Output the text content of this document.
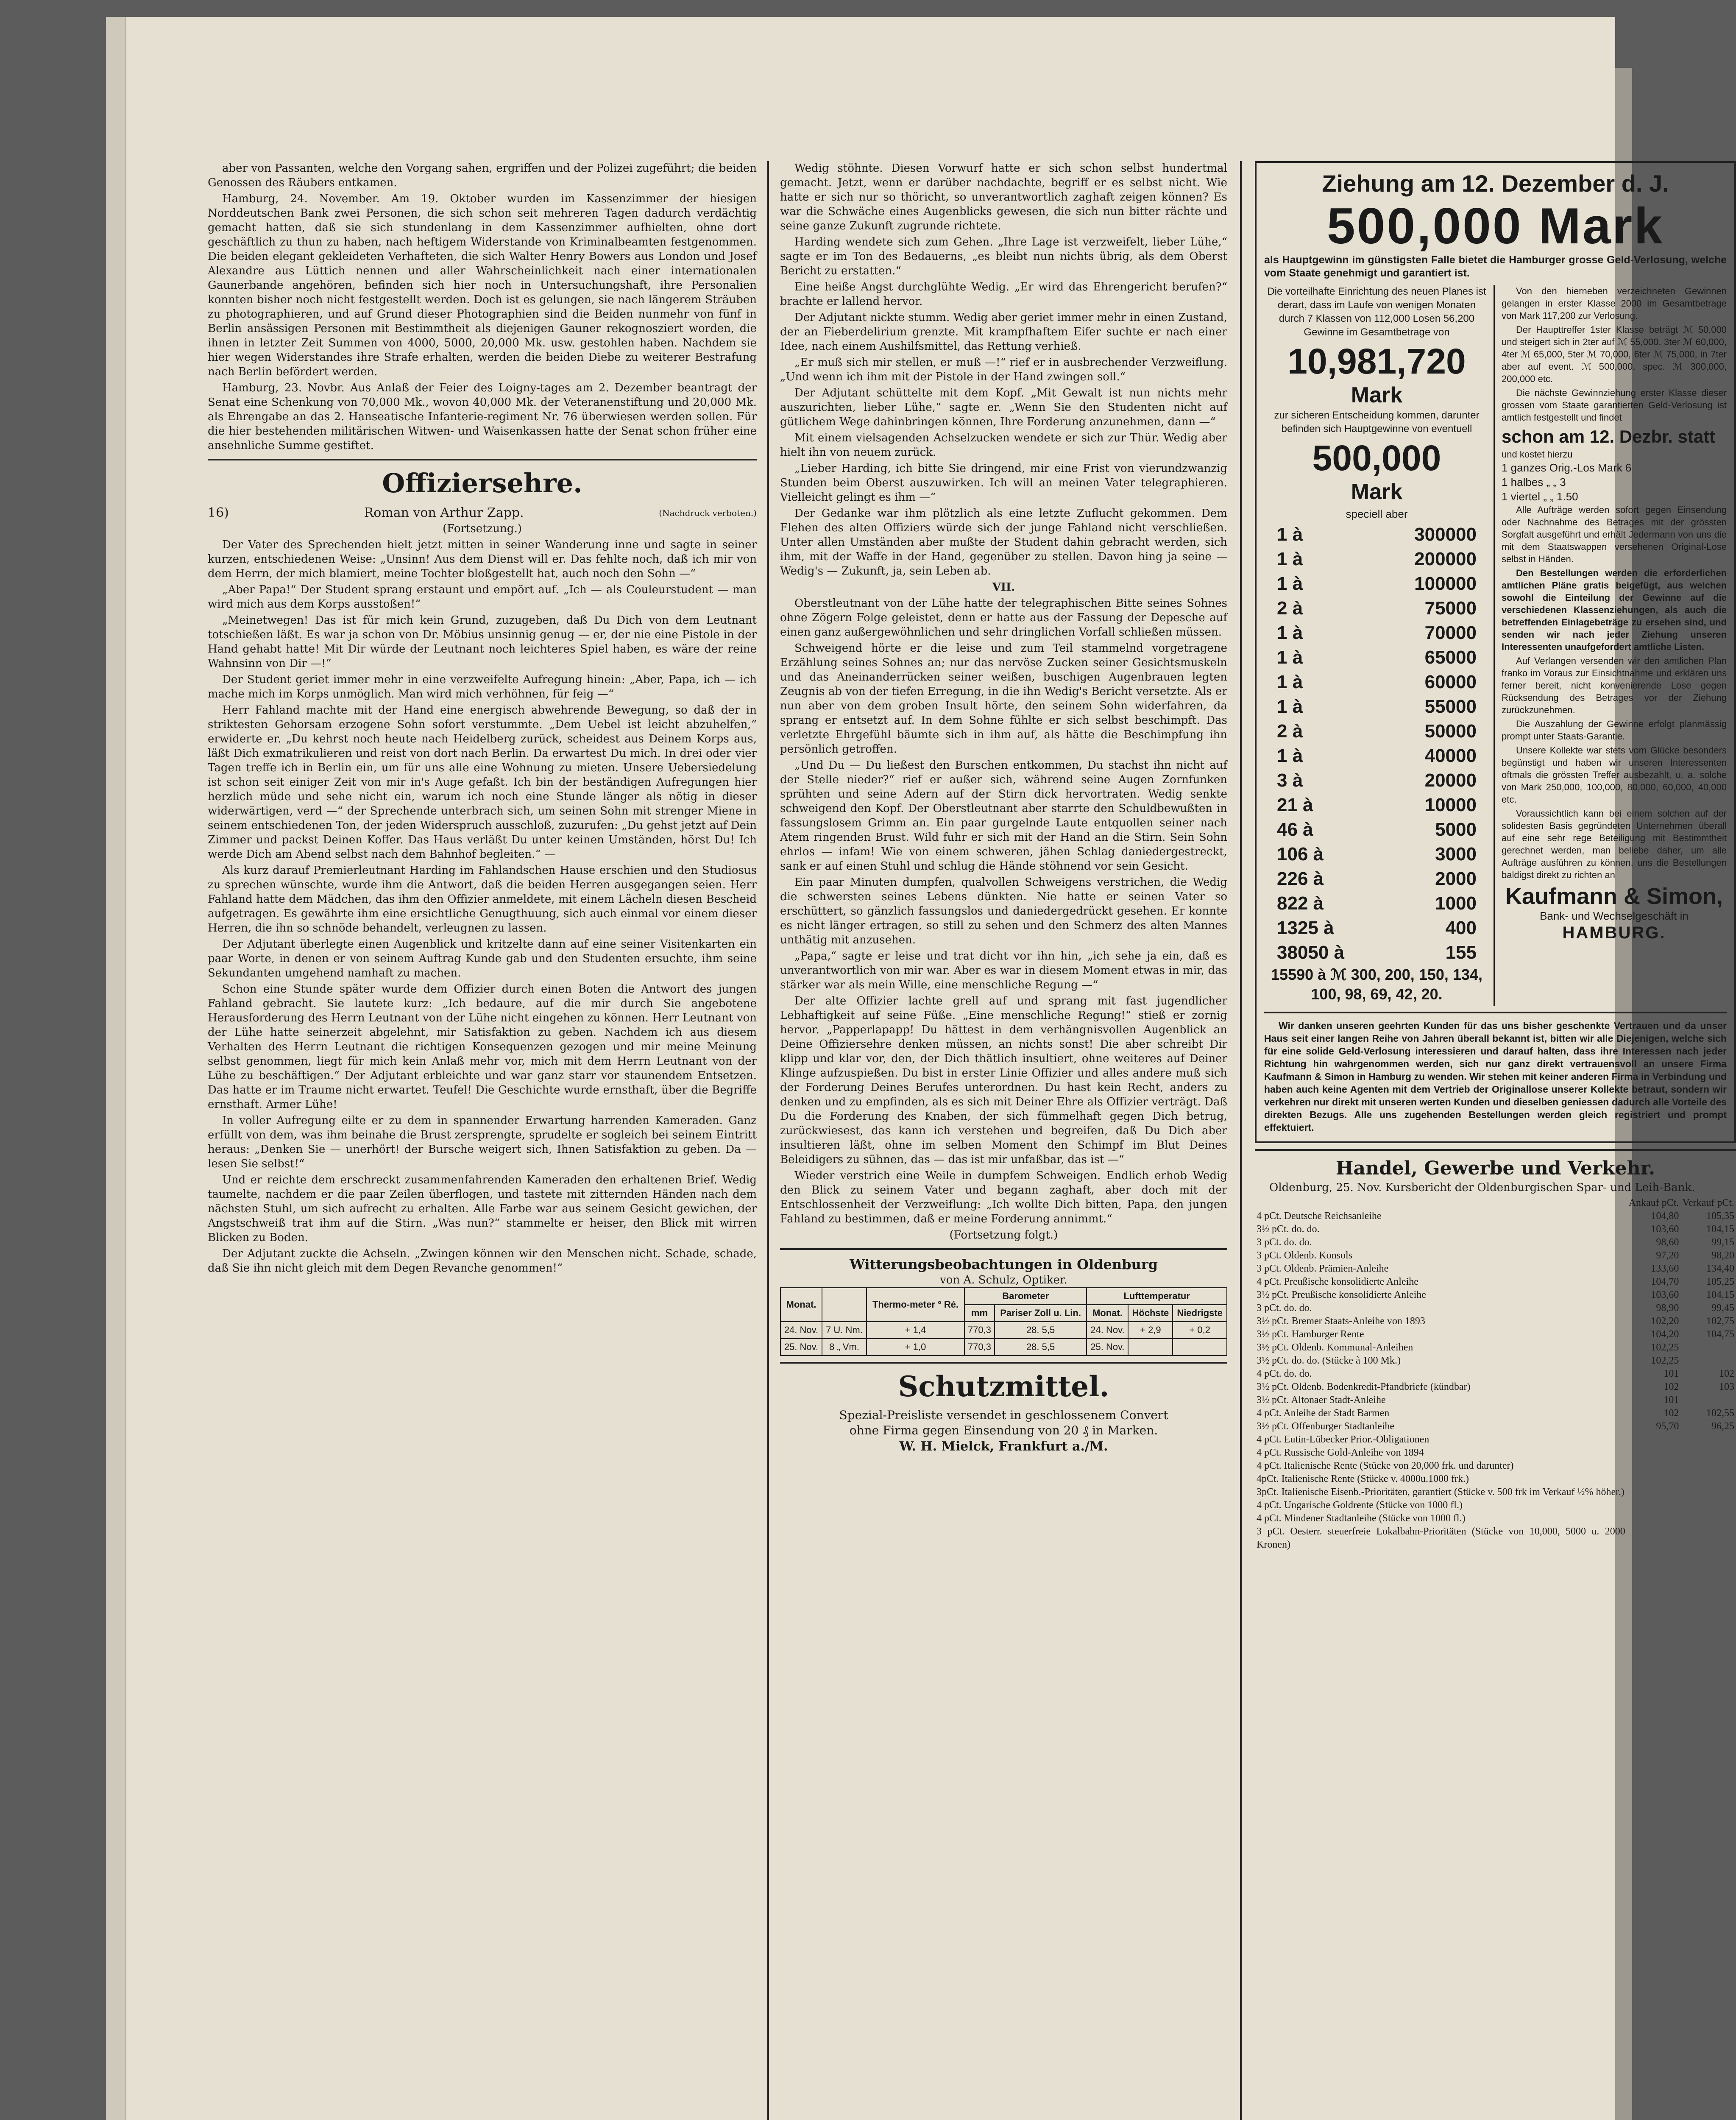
aber von Passanten, welche den Vorgang sahen, ergriffen und der Polizei zugeführt; die beiden Genossen des Räubers entkamen.

Hamburg, 24. November. Am 19. Oktober wurden im Kassenzimmer der hiesigen Norddeutschen Bank zwei Personen, die sich schon seit mehreren Tagen dadurch verdächtig gemacht hatten, daß sie sich stundenlang in dem Kassenzimmer aufhielten, ohne dort geschäftlich zu thun zu haben, nach heftigem Widerstande von Kriminalbeamten festgenommen. Die beiden elegant gekleideten Verhafteten, die sich Walter Henry Bowers aus London und Josef Alexandre aus Lüttich nennen und aller Wahrscheinlichkeit nach einer internationalen Gaunerbande angehören, befinden sich hier noch in Untersuchungshaft, ihre Personalien konnten bisher noch nicht festgestellt werden. Doch ist es gelungen, sie nach längerem Sträuben zu photographieren, und auf Grund dieser Photographien sind die Beiden nunmehr von fünf in Berlin ansässigen Personen mit Bestimmtheit als diejenigen Gauner rekognosziert worden, die ihnen in letzter Zeit Summen von 4000, 5000, 20,000 Mk. usw. gestohlen haben. Nachdem sie hier wegen Widerstandes ihre Strafe erhalten, werden die beiden Diebe zu weiterer Bestrafung nach Berlin befördert werden.

Hamburg, 23. Novbr. Aus Anlaß der Feier des Loigny-tages am 2. Dezember beantragt der Senat eine Schenkung von 70,000 Mk., wovon 40,000 Mk. der Veteranenstiftung und 20,000 Mk. als Ehrengabe an das 2. Hanseatische Infanterie-regiment Nr. 76 überwiesen werden sollen. Für die hier bestehenden militärischen Witwen- und Waisenkassen hatte der Senat schon früher eine ansehnliche Summe gestiftet.

Offiziersehre.
16)	Roman von Arthur Zapp.	(Nachdruck verboten.)

(Fortsetzung.)

Der Vater des Sprechenden hielt jetzt mitten in seiner Wanderung inne und sagte in seiner kurzen, entschiedenen Weise: „Unsinn! Aus dem Dienst will er. Das fehlte noch, daß ich mir von dem Herrn, der mich blamiert, meine Tochter bloßgestellt hat, auch noch den Sohn —“

„Aber Papa!“ Der Student sprang erstaunt und empört auf. „Ich — als Couleurstudent — man wird mich aus dem Korps ausstoßen!“

„Meinetwegen! Das ist für mich kein Grund, zuzugeben, daß Du Dich von dem Leutnant totschießen läßt. Es war ja schon von Dr. Möbius unsinnig genug — er, der nie eine Pistole in der Hand gehabt hatte! Mit Dir würde der Leutnant noch leichteres Spiel haben, es wäre der reine Wahnsinn von Dir —!“

Der Student geriet immer mehr in eine verzweifelte Aufregung hinein: „Aber, Papa, ich — ich mache mich im Korps unmöglich. Man wird mich verhöhnen, für feig —“

Herr Fahland machte mit der Hand eine energisch abwehrende Bewegung, so daß der in striktesten Gehorsam erzogene Sohn sofort verstummte. „Dem Uebel ist leicht abzuhelfen,“ erwiderte er. „Du kehrst noch heute nach Heidelberg zurück, scheidest aus Deinem Korps aus, läßt Dich exmatrikulieren und reist von dort nach Berlin. Da erwartest Du mich. In drei oder vier Tagen treffe ich in Berlin ein, um für uns alle eine Wohnung zu mieten. Unsere Uebersiedelung ist schon seit einiger Zeit von mir in's Auge gefaßt. Ich bin der beständigen Aufregungen hier herzlich müde und sehe nicht ein, warum ich noch eine Stunde länger als nötig in dieser widerwärtigen, verd —“ der Sprechende unterbrach sich, um seinen Sohn mit strenger Miene in seinem entschiedenen Ton, der jeden Widerspruch ausschloß, zuzurufen: „Du gehst jetzt auf Dein Zimmer und packst Deinen Koffer. Das Haus verläßt Du unter keinen Umständen, hörst Du! Ich werde Dich am Abend selbst nach dem Bahnhof begleiten.“ —

Als kurz darauf Premierleutnant Harding im Fahlandschen Hause erschien und den Studiosus zu sprechen wünschte, wurde ihm die Antwort, daß die beiden Herren ausgegangen seien. Herr Fahland hatte dem Mädchen, das ihm den Offizier anmeldete, mit einem Lächeln diesen Bescheid aufgetragen. Es gewährte ihm eine ersichtliche Genugthuung, sich auch einmal vor einem dieser Herren, die ihn so schnöde behandelt, verleugnen zu lassen.

Der Adjutant überlegte einen Augenblick und kritzelte dann auf eine seiner Visitenkarten ein paar Worte, in denen er von seinem Auftrag Kunde gab und den Studenten ersuchte, ihm seine Sekundanten umgehend namhaft zu machen.

Schon eine Stunde später wurde dem Offizier durch einen Boten die Antwort des jungen Fahland gebracht. Sie lautete kurz: „Ich bedaure, auf die mir durch Sie angebotene Herausforderung des Herrn Leutnant von der Lühe nicht eingehen zu können. Herr Leutnant von der Lühe hatte seinerzeit abgelehnt, mir Satisfaktion zu geben. Nachdem ich aus diesem Verhalten des Herrn Leutnant die richtigen Konsequenzen gezogen und mir meine Meinung selbst genommen, liegt für mich kein Anlaß mehr vor, mich mit dem Herrn Leutnant von der Lühe zu beschäftigen.“ Der Adjutant erbleichte und war ganz starr vor staunendem Entsetzen. Das hatte er im Traume nicht erwartet. Teufel! Die Geschichte wurde ernsthaft, über die Begriffe ernsthaft. Armer Lühe!

In voller Aufregung eilte er zu dem in spannender Erwartung harrenden Kameraden. Ganz erfüllt von dem, was ihm beinahe die Brust zersprengte, sprudelte er sogleich bei seinem Eintritt heraus: „Denken Sie — unerhört! der Bursche weigert sich, Ihnen Satisfaktion zu geben. Da — lesen Sie selbst!“

Und er reichte dem erschreckt zusammenfahrenden Kameraden den erhaltenen Brief. Wedig taumelte, nachdem er die paar Zeilen überflogen, und tastete mit zitternden Händen nach dem nächsten Stuhl, um sich aufrecht zu erhalten. Alle Farbe war aus seinem Gesicht gewichen, der Angstschweiß trat ihm auf die Stirn. „Was nun?“ stammelte er heiser, den Blick mit wirren Blicken zu Boden.

Der Adjutant zuckte die Achseln. „Zwingen können wir den Menschen nicht. Schade, schade, daß Sie ihn nicht gleich mit dem Degen Revanche genommen!“

Wedig stöhnte. Diesen Vorwurf hatte er sich schon selbst hundertmal gemacht. Jetzt, wenn er darüber nachdachte, begriff er es selbst nicht. Wie hatte er sich nur so thöricht, so unverantwortlich zaghaft zeigen können? Es war die Schwäche eines Augenblicks gewesen, die sich nun bitter rächte und seine ganze Zukunft zugrunde richtete.

Harding wendete sich zum Gehen. „Ihre Lage ist verzweifelt, lieber Lühe,“ sagte er im Ton des Bedauerns, „es bleibt nun nichts übrig, als dem Oberst Bericht zu erstatten.“

Eine heiße Angst durchglühte Wedig. „Er wird das Ehrengericht berufen?“ brachte er lallend hervor.

Der Adjutant nickte stumm. Wedig aber geriet immer mehr in einen Zustand, der an Fieberdelirium grenzte. Mit krampfhaftem Eifer suchte er nach einer Idee, nach einem Aushilfsmittel, das Rettung verhieß.

„Er muß sich mir stellen, er muß —!“ rief er in ausbrechender Verzweiflung. „Und wenn ich ihm mit der Pistole in der Hand zwingen soll.“

Der Adjutant schüttelte mit dem Kopf. „Mit Gewalt ist nun nichts mehr auszurichten, lieber Lühe,“ sagte er. „Wenn Sie den Studenten nicht auf gütlichem Wege dahinbringen können, Ihre Forderung anzunehmen, dann —“

Mit einem vielsagenden Achselzucken wendete er sich zur Thür. Wedig aber hielt ihn von neuem zurück.

„Lieber Harding, ich bitte Sie dringend, mir eine Frist von vierundzwanzig Stunden beim Oberst auszuwirken. Ich will an meinen Vater telegraphieren. Vielleicht gelingt es ihm —“

Der Gedanke war ihm plötzlich als eine letzte Zuflucht gekommen. Dem Flehen des alten Offiziers würde sich der junge Fahland nicht verschließen. Unter allen Umständen aber mußte der Student dahin gebracht werden, sich ihm, mit der Waffe in der Hand, gegenüber zu stellen. Davon hing ja seine — Wedig's — Zukunft, ja, sein Leben ab.

VII.

Oberstleutnant von der Lühe hatte der telegraphischen Bitte seines Sohnes ohne Zögern Folge geleistet, denn er hatte aus der Fassung der Depesche auf einen ganz außergewöhnlichen und sehr dringlichen Vorfall schließen müssen.

Schweigend hörte er die leise und zum Teil stammelnd vorgetragene Erzählung seines Sohnes an; nur das nervöse Zucken seiner Gesichtsmuskeln und das Aneinanderrücken seiner weißen, buschigen Augenbrauen legten Zeugnis ab von der tiefen Erregung, in die ihn Wedig's Bericht versetzte. Als er nun aber von dem groben Insult hörte, den seinem Sohn widerfahren, da sprang er entsetzt auf. In dem Sohne fühlte er sich selbst beschimpft. Das verletzte Ehrgefühl bäumte sich in ihm auf, als hätte die Beschimpfung ihn persönlich getroffen.

„Und Du — Du ließest den Burschen entkommen, Du stachst ihn nicht auf der Stelle nieder?“ rief er außer sich, während seine Augen Zornfunken sprühten und seine Adern auf der Stirn dick hervortraten. Wedig senkte schweigend den Kopf. Der Oberstleutnant aber starrte den Schuldbewußten in fassungslosem Grimm an. Ein paar gurgelnde Laute entquollen seiner nach Atem ringenden Brust. Wild fuhr er sich mit der Hand an die Stirn. Sein Sohn ehrlos — infam! Wie von einem schweren, jähen Schlag daniedergestreckt, sank er auf einen Stuhl und schlug die Hände stöhnend vor sein Gesicht.

Ein paar Minuten dumpfen, qualvollen Schweigens verstrichen, die Wedig die schwersten seines Lebens dünkten. Nie hatte er seinen Vater so erschüttert, so gänzlich fassungslos und daniedergedrückt gesehen. Er konnte es nicht länger ertragen, so still zu sehen und den Schmerz des alten Mannes unthätig mit anzusehen.

„Papa,“ sagte er leise und trat dicht vor ihn hin, „ich sehe ja ein, daß es unverantwortlich von mir war. Aber es war in diesem Moment etwas in mir, das stärker war als mein Wille, eine menschliche Regung —“

Der alte Offizier lachte grell auf und sprang mit fast jugendlicher Lebhaftigkeit auf seine Füße. „Eine menschliche Regung!“ stieß er zornig hervor. „Papperlapapp! Du hättest in dem verhängnisvollen Augenblick an Deine Offiziersehre denken müssen, an nichts sonst! Die aber schreibt Dir klipp und klar vor, den, der Dich thätlich insultiert, ohne weiteres auf Deiner Klinge aufzuspießen. Du bist in erster Linie Offizier und alles andere muß sich der Forderung Deines Berufes unterordnen. Du hast kein Recht, anders zu denken und zu empfinden, als es sich mit Deiner Ehre als Offizier verträgt. Daß Du die Forderung des Knaben, der sich fümmelhaft gegen Dich betrug, zurückwiesest, das kann ich verstehen und begreifen, daß Du Dich aber insultieren läßt, ohne im selben Moment den Schimpf im Blut Deines Beleidigers zu sühnen, das — das ist mir unfaßbar, das ist —“

Wieder verstrich eine Weile in dumpfem Schweigen. Endlich erhob Wedig den Blick zu seinem Vater und begann zaghaft, aber doch mit der Entschlossenheit der Verzweiflung: „Ich wollte Dich bitten, Papa, den jungen Fahland zu bestimmen, daß er meine Forderung annimmt.“

(Fortsetzung folgt.)

Witterungsbeobachtungen in Oldenburg
von A. Schulz, Optiker.
Monat.		Thermo-meter ° Ré.	Barometer		Lufttemperatur		
			mm	Pariser Zoll u. Lin.	Monat.	Höchste	Niedrigste
24. Nov.	7 U. Nm.	+ 1,4	770,3	28. 5,5	24. Nov.	+ 2,9	+ 0,2
25. Nov.	8 „ Vm.	+ 1,0	770,3	28. 5,5	25. Nov.		
Schutzmittel.
Spezial-Preisliste versendet in geschlossenem Convert
ohne Firma gegen Einsendung von 20 ₰ in Marken.
W. H. Mielck, Frankfurt a./M.
Ziehung am 12. Dezember d. J.
500,000 Mark
als Hauptgewinn im günstigsten Falle bietet die Hamburger grosse Geld-Verlosung, welche vom Staate genehmigt und garantiert ist.

Die vorteilhafte Einrichtung des neuen Planes ist derart, dass im Laufe von wenigen Monaten durch 7 Klassen von 112,000 Losen 56,200 Gewinne im Gesamtbetrage von

10,981,720
Mark

zur sicheren Entscheidung kommen, darunter befinden sich Hauptgewinne von eventuell

500,000
Mark
speciell aber
1 à	300000
1 à	200000
1 à	100000
2 à	75000
1 à	70000
1 à	65000
1 à	60000
1 à	55000
2 à	50000
1 à	40000
3 à	20000
21 à	10000
46 à	5000
106 à	3000
226 à	2000
822 à	1000
1325 à	400
38050 à	155

15590 à ℳ 300, 200, 150, 134, 100, 98, 69, 42, 20.

Von den hierneben verzeichneten Gewinnen gelangen in erster Klasse 2000 im Gesamtbetrage von Mark 117,200 zur Verlosung.

Der Haupttreffer 1ster Klasse beträgt ℳ 50,000 und steigert sich in 2ter auf ℳ 55,000, 3ter ℳ 60,000, 4ter ℳ 65,000, 5ter ℳ 70,000, 6ter ℳ 75,000, in 7ter aber auf event. ℳ 500,000, spec. ℳ 300,000, 200,000 etc.

Die nächste Gewinnziehung erster Klasse dieser grossen vom Staate garantierten Geld-Verlosung ist amtlich festgestellt und findet

schon am 12. Dezbr. statt
und kostet hierzu
1 ganzes Orig.-Los Mark 6
1 halbes „ „ 3
1 viertel „ „ 1.50

Alle Aufträge werden sofort gegen Einsendung oder Nachnahme des Betrages mit der grössten Sorgfalt ausgeführt und erhält Jedermann von uns die mit dem Staatswappen versehenen Original-Lose selbst in Händen.

Den Bestellungen werden die erforderlichen amtlichen Pläne gratis beigefügt, aus welchen sowohl die Einteilung der Gewinne auf die verschiedenen Klassenziehungen, als auch die betreffenden Einlagebeträge zu ersehen sind, und senden wir nach jeder Ziehung unseren Interessenten unaufgefordert amtliche Listen.

Auf Verlangen versenden wir den amtlichen Plan franko im Voraus zur Einsichtnahme und erklären uns ferner bereit, nicht konvenierende Lose gegen Rücksendung des Betrages vor der Ziehung zurückzunehmen.

Die Auszahlung der Gewinne erfolgt planmässig prompt unter Staats-Garantie.

Unsere Kollekte war stets vom Glücke besonders begünstigt und haben wir unseren Interessenten oftmals die grössten Treffer ausbezahlt, u. a. solche von Mark 250,000, 100,000, 80,000, 60,000, 40,000 etc.

Voraussichtlich kann bei einem solchen auf der solidesten Basis gegründeten Unternehmen überall auf eine sehr rege Beteiligung mit Bestimmtheit gerechnet werden, man beliebe daher, um alle Aufträge ausführen zu können, uns die Bestellungen baldigst direkt zu richten an

Kaufmann & Simon,
Bank- und Wechselgeschäft in
HAMBURG.

Wir danken unseren geehrten Kunden für das uns bisher geschenkte Vertrauen und da unser Haus seit einer langen Reihe von Jahren überall bekannt ist, bitten wir alle Diejenigen, welche sich für eine solide Geld-Verlosung interessieren und darauf halten, dass ihre Interessen nach jeder Richtung hin wahrgenommen werden, sich nur ganz direkt vertrauensvoll an unsere Firma Kaufmann & Simon in Hamburg zu wenden. Wir stehen mit keiner anderen Firma in Verbindung und haben auch keine Agenten mit dem Vertrieb der Originallose unserer Kollekte betraut, sondern wir verkehren nur direkt mit unseren werten Kunden und dieselben geniessen dadurch alle Vorteile des direkten Bezugs. Alle uns zugehenden Bestellungen werden gleich registriert und prompt effektuiert.

Handel, Gewerbe und Verkehr.

Oldenburg, 25. Nov. Kursbericht der Oldenburgischen Spar- und Leih-Bank.

	Ankauf pCt.	Verkauf pCt.
4 pCt. Deutsche Reichsanleihe	104,80	105,35
3½ pCt. do. do.	103,60	104,15
3 pCt. do. do.	98,60	99,15
3 pCt. Oldenb. Konsols	97,20	98,20
3 pCt. Oldenb. Prämien-Anleihe	133,60	134,40
4 pCt. Preußische konsolidierte Anleihe	104,70	105,25
3½ pCt. Preußische konsolidierte Anleihe	103,60	104,15
3 pCt. do. do.	98,90	99,45
3½ pCt. Bremer Staats-Anleihe von 1893	102,20	102,75
3½ pCt. Hamburger Rente	104,20	104,75
3½ pCt. Oldenb. Kommunal-Anleihen	102,25	
3½ pCt. do. do. (Stücke à 100 Mk.)	102,25	
4 pCt. do. do.	101	102
3½ pCt. Oldenb. Bodenkredit-Pfandbriefe (kündbar)	102	103
3½ pCt. Altonaer Stadt-Anleihe	101	
4 pCt. Anleihe der Stadt Barmen	102	102,55
3½ pCt. Offenburger Stadtanleihe	95,70	96,25
4 pCt. Eutin-Lübecker Prior.-Obligationen		
4 pCt. Russische Gold-Anleihe von 1894		
4 pCt. Italienische Rente (Stücke von 20,000 frk. und darunter)		
4pCt. Italienische Rente (Stücke v. 4000u.1000 frk.)		
3pCt. Italienische Eisenb.-Prioritäten, garantiert (Stücke v. 500 frk im Verkauf ½% höher.)		
4 pCt. Ungarische Goldrente (Stücke von 1000 fl.)		
4 pCt. Mindener Stadtanleihe (Stücke von 1000 fl.)		
3 pCt. Oesterr. steuerfreie Lokalbahn-Prioritäten (Stücke von 10,000, 5000 u. 2000 Kronen)		
